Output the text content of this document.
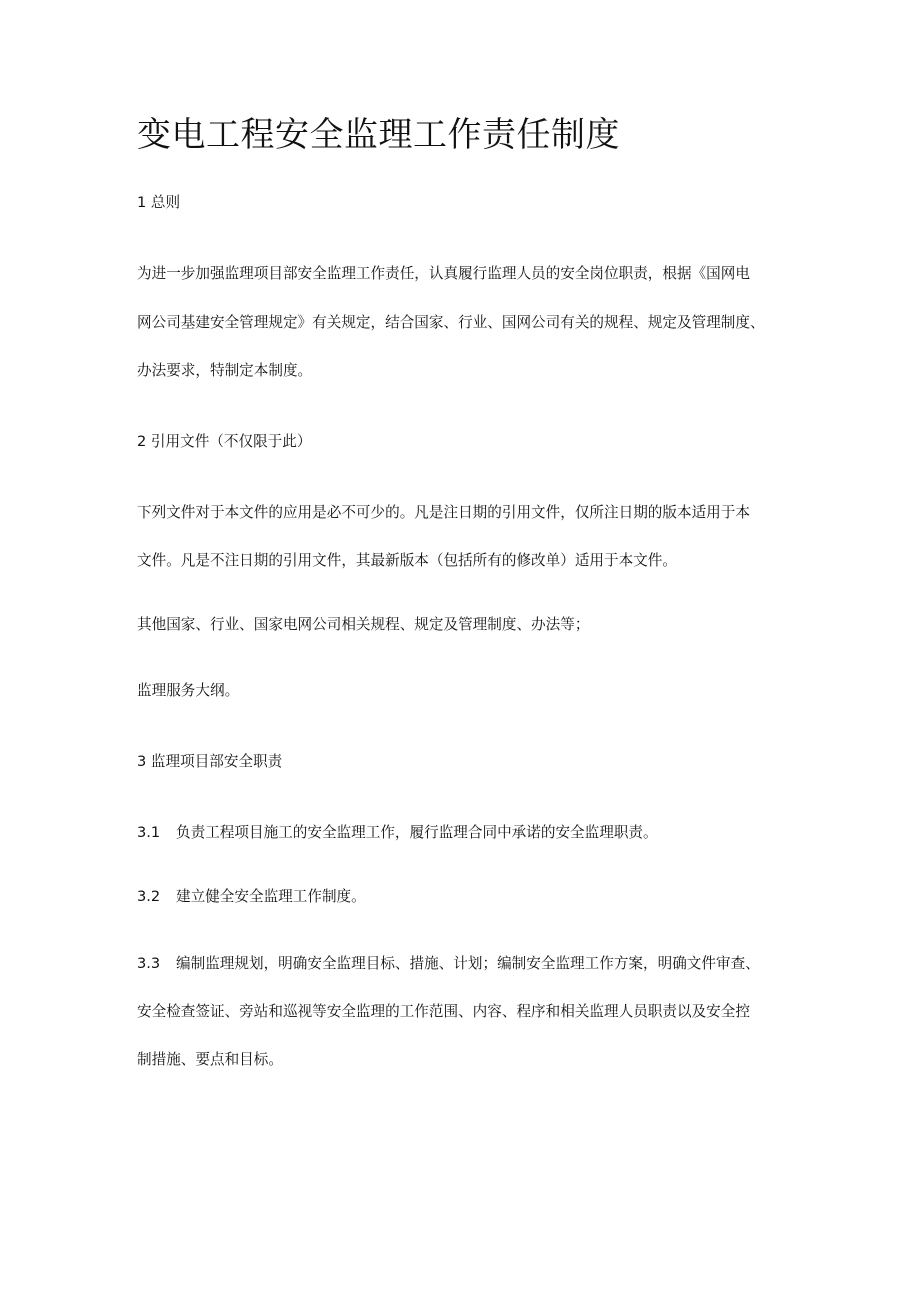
变电工程安全监理工作责任制度

1 总则

为进一步加强监理项目部安全监理工作责任，认真履行监理人员的安全岗位职责，根据《国网电

网公司基建安全管理规定》有关规定，结合国家、行业、国网公司有关的规程、规定及管理制度、

办法要求，特制定本制度。

2 引用文件（不仅限于此）

下列文件对于本文件的应用是必不可少的。凡是注日期的引用文件，仅所注日期的版本适用于本

文件。凡是不注日期的引用文件，其最新版本（包括所有的修改单）适用于本文件。

其他国家、行业、国家电网公司相关规程、规定及管理制度、办法等；

监理服务大纲。

3 监理项目部安全职责

3.1 负责工程项目施工的安全监理工作，履行监理合同中承诺的安全监理职责。

3.2 建立健全安全监理工作制度。

3.3 编制监理规划，明确安全监理目标、措施、计划；编制安全监理工作方案，明确文件审查、

安全检查签证、旁站和巡视等安全监理的工作范围、内容、程序和相关监理人员职责以及安全控

制措施、要点和目标。
